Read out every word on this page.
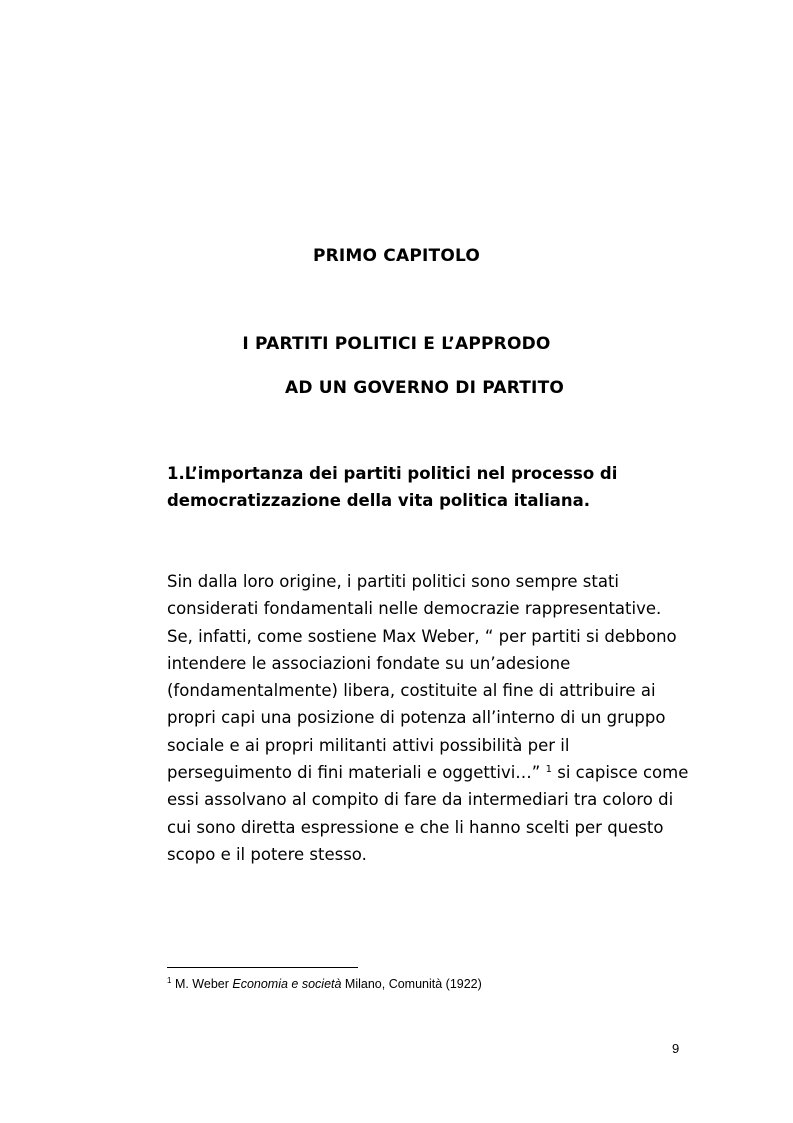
PRIMO CAPITOLO
I PARTITI POLITICI E L’APPRODO
AD UN GOVERNO DI PARTITO
1.L’importanza dei partiti politici nel processo di
democratizzazione della vita politica italiana.
Sin dalla loro origine, i partiti politici sono sempre stati
considerati fondamentali nelle democrazie rappresentative.
Se, infatti, come sostiene Max Weber, “ per partiti si debbono
intendere le associazioni fondate su un’adesione
(fondamentalmente) libera, costituite al fine di attribuire ai
propri capi una posizione di potenza all’interno di un gruppo
sociale e ai propri militanti attivi possibilità per il
perseguimento di fini materiali e oggettivi…” $^1$ si capisce come
essi assolvano al compito di fare da intermediari tra coloro di
cui sono diretta espressione e che li hanno scelti per questo
scopo e il potere stesso.
$^1$ M. Weber Economia e società Milano, Comunità (1922)
9
